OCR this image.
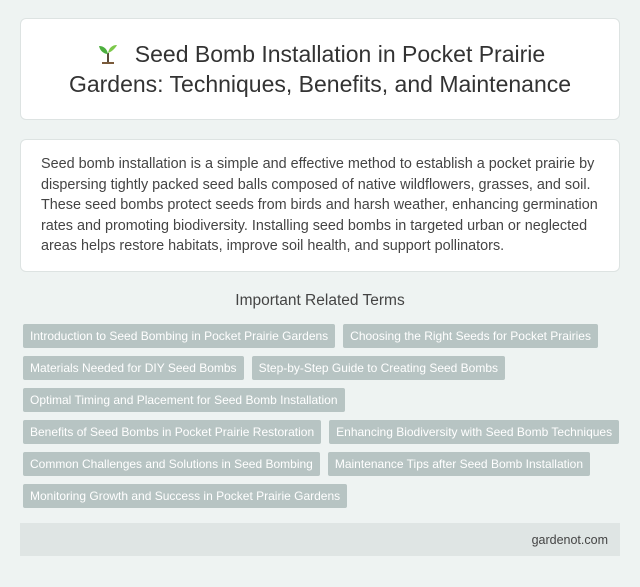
Seed Bomb Installation in Pocket Prairie Gardens: Techniques, Benefits, and Maintenance

Seed bomb installation is a simple and effective method to establish a pocket prairie by dispersing tightly packed seed balls composed of native wildflowers, grasses, and soil. These seed bombs protect seeds from birds and harsh weather, enhancing germination rates and promoting biodiversity. Installing seed bombs in targeted urban or neglected areas helps restore habitats, improve soil health, and support pollinators.

Important Related Terms
Introduction to Seed Bombing in Pocket Prairie Gardens	Choosing the Right Seeds for Pocket Prairies
Materials Needed for DIY Seed Bombs	Step-by-Step Guide to Creating Seed Bombs
Optimal Timing and Placement for Seed Bomb Installation
Benefits of Seed Bombs in Pocket Prairie Restoration	Enhancing Biodiversity with Seed Bomb Techniques
Common Challenges and Solutions in Seed Bombing	Maintenance Tips after Seed Bomb Installation
Monitoring Growth and Success in Pocket Prairie Gardens
gardenot.com
